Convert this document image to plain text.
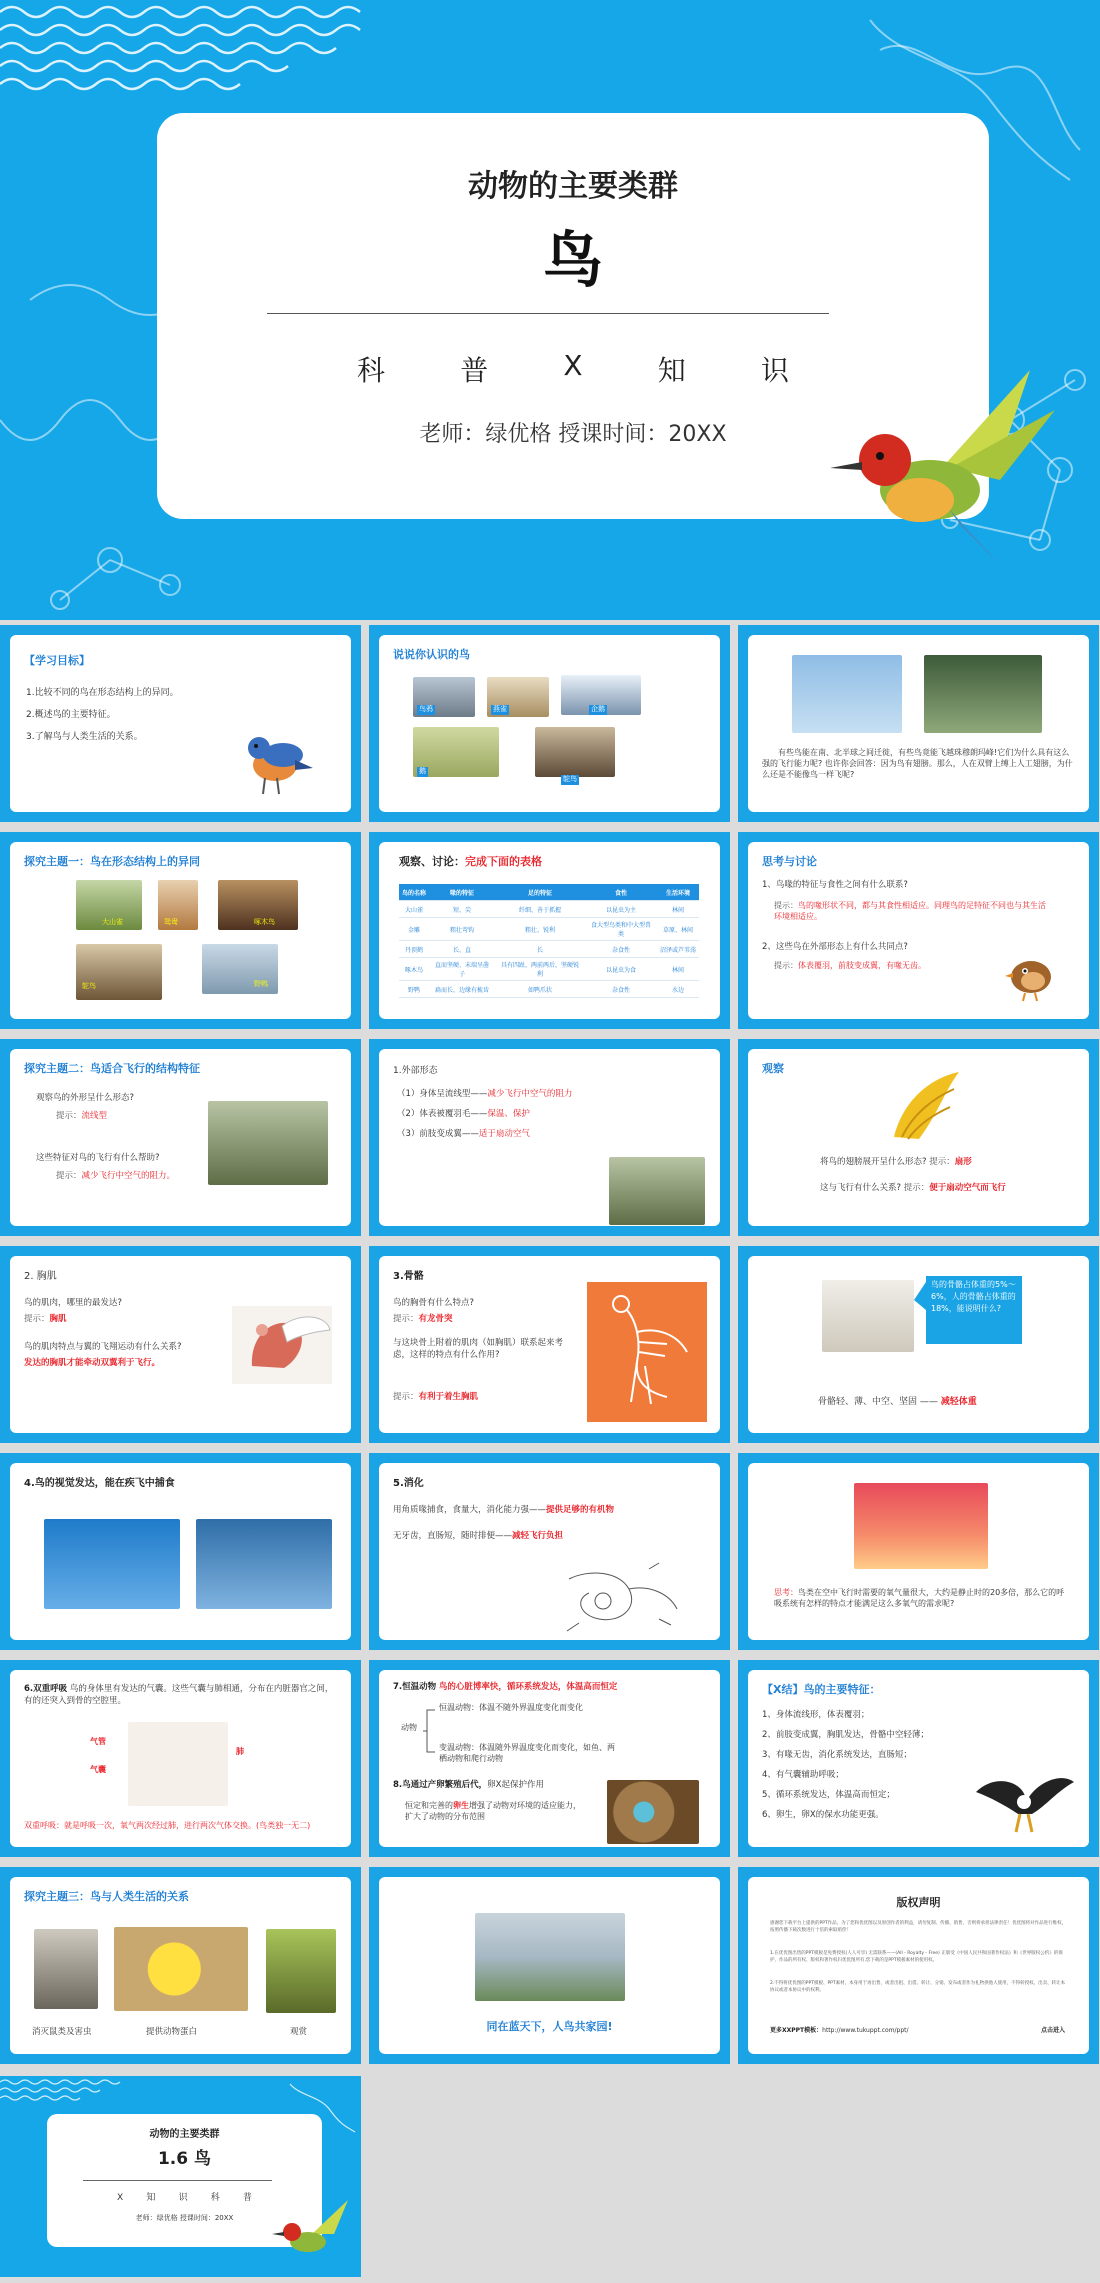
动物的主要类群
鸟
科	普	X	知	识
老师：绿优格 授课时间：20XX
【学习目标】
1.比较不同的鸟在形态结构上的异同。
2.概述鸟的主要特征。
3.了解鸟与人类生活的关系。
说说你认识的鸟
鸟鸦	燕雀	企鹅
鹅
鸵鸟
有些鸟能在南、北半球之间迁徙，有些鸟竟能飞越珠穆朗玛峰!它们为什么具有这么强的飞行能力呢? 也许你会回答：因为鸟有翅膀。那么，人在双臂上缚上人工翅膀，为什么还是不能像鸟一样飞呢?
探究主题一：鸟在形态结构上的异同
大山雀	鸳鸯	啄木鸟
鸵鸟	野鸭
观察、讨论：完成下面的表格
鸟的名称	喙的特征	足的特征	食性	生活环境
大山雀	短、尖	纤细、善于抓握	以昆虫为主	林间
金雕	粗壮弯钩	粗壮、锐利	食大型鸟类和中大型兽类	草原、林间
丹顶鹤	长、直	长	杂食性	沼泽或芦苇荡
啄木鸟	直而坚硬、末端呈凿子	具有四趾，两前两后，坚硬锐利	以昆虫为食	林间
野鸭	扁而长、边缘有梳齿	如鸭爪状	杂食性	水边
思考与讨论
1、鸟喙的特征与食性之间有什么联系?
提示：鸟的喙形状不同，都与其食性相适应。同理鸟的足特征不同也与其生活环境相适应。
2、这些鸟在外部形态上有什么共同点?
提示：体表覆羽，前肢变成翼，有喙无齿。
探究主题二：鸟适合飞行的结构特征
观察鸟的外形呈什么形态?
提示：流线型
这些特征对鸟的飞行有什么帮助?
提示：减少飞行中空气的阻力。
1.外部形态
（1）身体呈流线型——减少飞行中空气的阻力
（2）体表被覆羽毛——保温、保护
（3）前肢变成翼——适于扇动空气
观察
将鸟的翅膀展开呈什么形态? 提示：扇形
这与飞行有什么关系? 提示：便于扇动空气而飞行
2. 胸肌
鸟的肌肉，哪里的最发达?
提示：胸肌
鸟的肌肉特点与翼的飞翔运动有什么关系?
发达的胸肌才能牵动双翼利于飞行。
3.骨骼
鸟的胸骨有什么特点?
提示：有龙骨突
与这块骨上附着的肌肉（如胸肌）联系起来考虑，这样的特点有什么作用?
提示：有利于着生胸肌
鸟的骨骼占体重的5%～6%，人的骨骼占体重的18%，能说明什么?
骨骼轻、薄、中空、坚固 —— 减轻体重
4.鸟的视觉发达，能在疾飞中捕食	5.消化
用角质喙捕食，食量大，消化能力强——提供足够的有机物
无牙齿，直肠短，随时排便——减轻飞行负担
思考：鸟类在空中飞行时需要的氧气量很大，大约是静止时的20多倍，那么它的呼吸系统有怎样的特点才能满足这么多氧气的需求呢?
6.双重呼吸 鸟的身体里有发达的气囊。这些气囊与肺相通，分布在内脏器官之间，有的还突入到骨的空腔里。
气管
气囊
肺
双重呼吸：就是呼吸一次，氧气两次经过肺，进行两次气体交换。(鸟类独一无二)
7.恒温动物 鸟的心脏博率快，循环系统发达，体温高而恒定
动物
恒温动物：体温不随外界温度变化而变化
变温动物：体温随外界温度变化而变化，如鱼、两栖动物和爬行动物
8.鸟通过产卵繁殖后代，卵X起保护作用
恒定和完善的卵生增强了动物对环境的适应能力，扩大了动物的分布范围
【X结】鸟的主要特征：
1、身体流线形，体表覆羽；
2、前肢变成翼，胸肌发达，骨骼中空轻薄；
3、有喙无齿，消化系统发达，直肠短；
4、有气囊辅助呼吸；
5、循环系统发达，体温高而恒定；
6、卵生，卵X的保水功能更强。
探究主题三：鸟与人类生活的关系
消灭鼠类及害虫	提供动物蛋白	观赏	同在蓝天下，人鸟共家园!
版权声明
感谢您下载平台上提供的PPT作品，为了您和优优图以及原创作者的利益，请勿复制、传播、销售，否则将承担法律责任！优优图将对作品进行维权，按照传播下载次数进行十倍的索取赔偿！
1.在优优图出售的PPT模板是免费授权(人人可享) 无需联系——(All - Royalty - Free) 正版受《中国人民共和国著作权法》和《世界版权公约》的保护，作品的所有权、版权和著作权归优优图所有,您下载的是PPT模板素材的使用权。
2.不得将优优图的PPT模板、PPT素材，本身用于再出售，或者出租、出借、转让、分销、发布或者作为礼物供他人使用，不得转授权、出卖、转让本协议或者本协议中的权利。
更多XXPPT模板：http://www.tukuppt.com/ppt/	点击进入
动物的主要类群
1.6 鸟
X	知	识	科	普
老师：绿优格 授课时间：20XX
